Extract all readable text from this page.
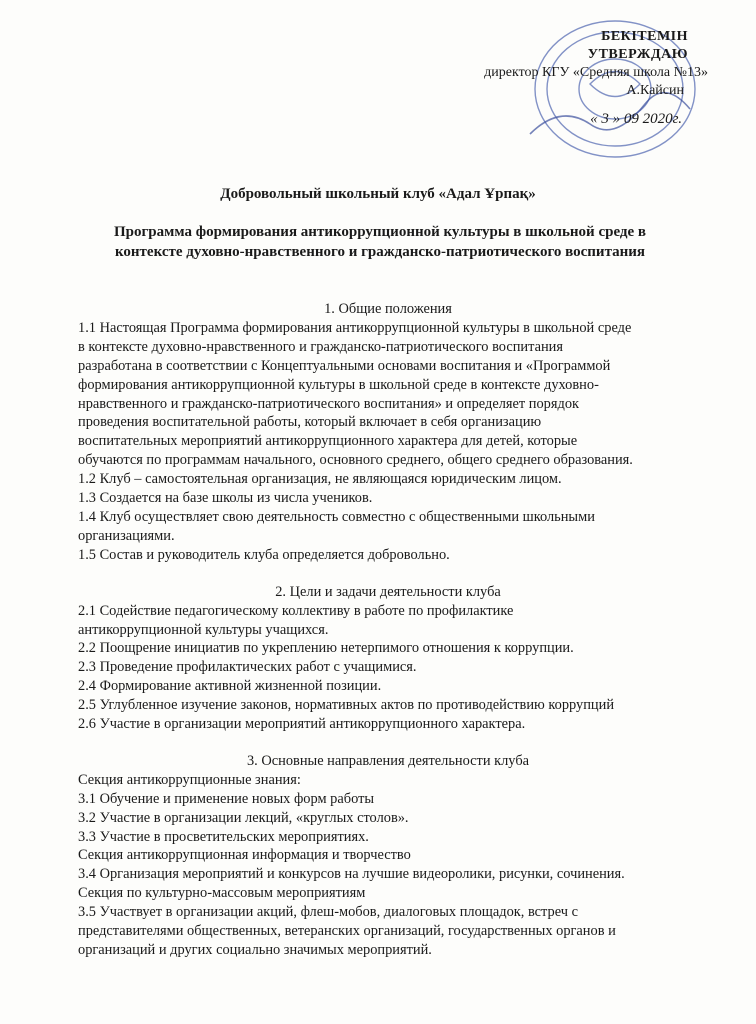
БЕКІТЕМІН
УТВЕРЖДАЮ
директор КГУ «Средняя школа №13»
А.Кайсин
« 3 » 09 2020г.
Добровольный школьный клуб «Адал Ұрпақ»
Программа формирования антикоррупционной культуры в школьной среде в контексте духовно-нравственного и гражданско-патриотического воспитания
1. Общие положения
1.1 Настоящая Программа формирования антикоррупционной культуры в школьной среде
в контексте духовно-нравственного и гражданско-патриотического воспитания
разработана в соответствии с Концептуальными основами воспитания и «Программой
формирования антикоррупционной культуры в школьной среде в контексте духовно-
нравственного и гражданско-патриотического воспитания» и определяет порядок
проведения воспитательной работы, который включает в себя организацию
воспитательных мероприятий антикоррупционного характера для детей, которые
обучаются по программам начального, основного среднего, общего среднего образования.
1.2 Клуб – самостоятельная организация, не являющаяся юридическим лицом.
1.3 Создается на базе школы из числа учеников.
1.4 Клуб осуществляет свою деятельность совместно с общественными школьными
организациями.
1.5 Состав и руководитель клуба определяется добровольно.
2. Цели и задачи деятельности клуба
2.1 Содействие педагогическому коллективу в работе по профилактике
антикоррупционной культуры учащихся.
2.2 Поощрение инициатив по укреплению нетерпимого отношения к коррупции.
2.3 Проведение профилактических работ с учащимися.
2.4 Формирование активной жизненной позиции.
2.5 Углубленное изучение законов, нормативных актов по противодействию коррупций
2.6 Участие в организации мероприятий антикоррупционного характера.
3. Основные направления деятельности клуба
Секция антикоррупционные знания:
3.1 Обучение и применение новых форм работы
3.2 Участие в организации лекций, «круглых столов».
3.3 Участие в просветительских мероприятиях.
Секция антикоррупционная информация и творчество
3.4 Организация мероприятий и конкурсов на лучшие видеоролики, рисунки, сочинения.
Секция по культурно-массовым мероприятиям
3.5 Участвует в организации акций, флеш-мобов, диалоговых площадок, встреч с
представителями общественных, ветеранских организаций, государственных органов и
организаций и других социально значимых мероприятий.
